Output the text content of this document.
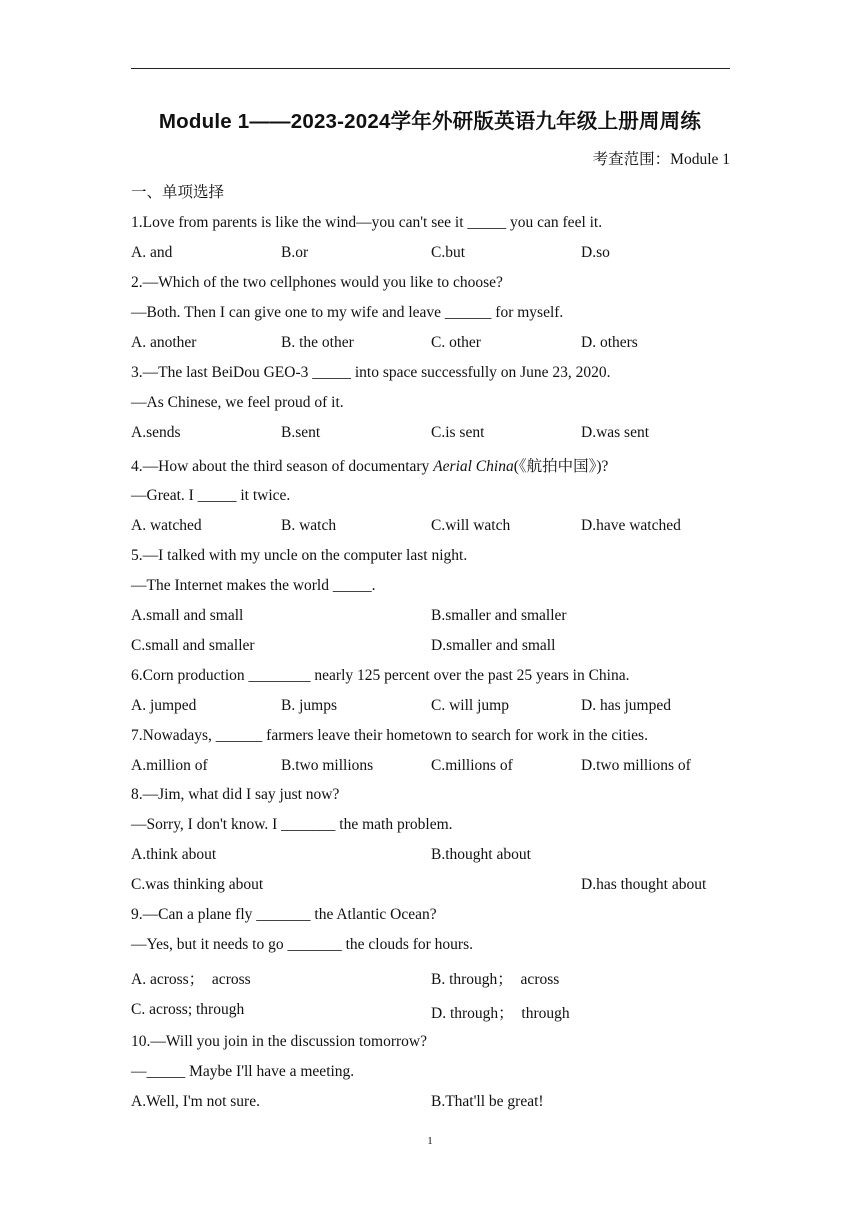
Module 1——2023-2024学年外研版英语九年级上册周周练
考查范围：Module 1
一、单项选择
1.Love from parents is like the wind—you can't see it _____ you can feel it.
A. and	B.or	C.but	D.so
2.—Which of the two cellphones would you like to choose?
—Both. Then I can give one to my wife and leave ______ for myself.
A. another	B. the other	C. other	D. others
3.—The last BeiDou GEO-3 _____ into space successfully on June 23, 2020.
—As Chinese, we feel proud of it.
A.sends	B.sent	C.is sent	D.was sent
4.—How about the third season of documentary Aerial China(《航拍中国》)?
—Great. I _____ it twice.
A. watched	B. watch	C.will watch	D.have watched
5.—I talked with my uncle on the computer last night.
—The Internet makes the world _____.
A.small and small	B.smaller and smaller
C.small and smaller	D.smaller and small
6.Corn production ________ nearly 125 percent over the past 25 years in China.
A. jumped	B. jumps	C. will jump	D. has jumped
7.Nowadays, ______ farmers leave their hometown to search for work in the cities.
A.million of	B.two millions	C.millions of	D.two millions of
8.—Jim, what did I say just now?
—Sorry, I don't know. I _______ the math problem.
A.think about	B.thought about
C.was thinking about	D.has thought about
9.—Can a plane fly _______ the Atlantic Ocean?
—Yes, but it needs to go _______ the clouds for hours.
A. across；  across	B. through；  across
C. across; through	D. through；  through
10.—Will you join in the discussion tomorrow?
—_____ Maybe I'll have a meeting.
A.Well, I'm not sure.	B.That'll be great!
1
